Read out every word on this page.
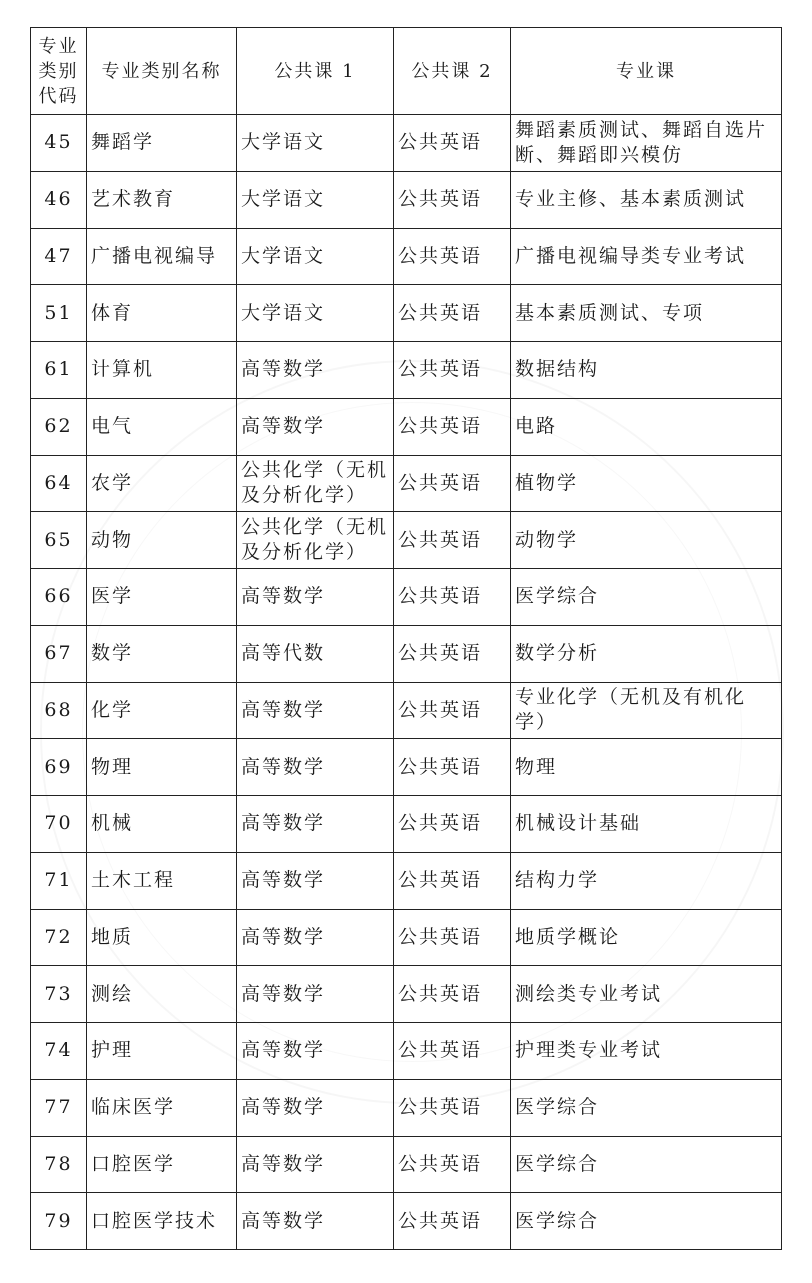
专业类别代码	专业类别名称	公共课 1	公共课 2	专业课
45	舞蹈学	大学语文	公共英语	舞蹈素质测试、舞蹈自选片断、舞蹈即兴模仿
46	艺术教育	大学语文	公共英语	专业主修、基本素质测试
47	广播电视编导	大学语文	公共英语	广播电视编导类专业考试
51	体育	大学语文	公共英语	基本素质测试、专项
61	计算机	高等数学	公共英语	数据结构
62	电气	高等数学	公共英语	电路
64	农学	公共化学（无机及分析化学）	公共英语	植物学
65	动物	公共化学（无机及分析化学）	公共英语	动物学
66	医学	高等数学	公共英语	医学综合
67	数学	高等代数	公共英语	数学分析
68	化学	高等数学	公共英语	专业化学（无机及有机化学）
69	物理	高等数学	公共英语	物理
70	机械	高等数学	公共英语	机械设计基础
71	土木工程	高等数学	公共英语	结构力学
72	地质	高等数学	公共英语	地质学概论
73	测绘	高等数学	公共英语	测绘类专业考试
74	护理	高等数学	公共英语	护理类专业考试
77	临床医学	高等数学	公共英语	医学综合
78	口腔医学	高等数学	公共英语	医学综合
79	口腔医学技术	高等数学	公共英语	医学综合
